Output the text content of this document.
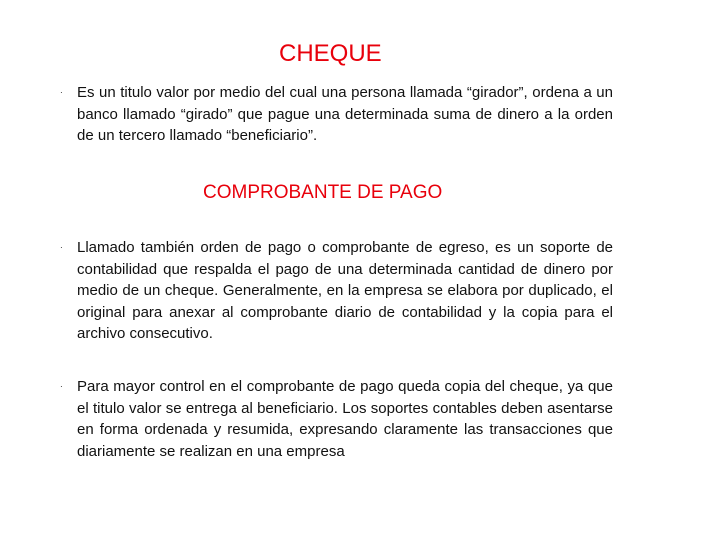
CHEQUE
· Es un titulo valor por medio del cual una persona llamada “girador”, ordena a un banco llamado “girado” que pague una determinada suma de dinero a la orden de un tercero llamado “beneficiario”.
COMPROBANTE DE PAGO
· Llamado también orden de pago o comprobante de egreso, es un soporte de contabilidad que respalda el pago de una determinada cantidad de dinero por medio de un cheque. Generalmente, en la empresa se elabora por duplicado, el original para anexar al comprobante diario de contabilidad y la copia para el archivo consecutivo.
· Para mayor control en el comprobante de pago queda copia del cheque, ya que el titulo valor se entrega al beneficiario. Los soportes contables deben asentarse en forma ordenada y resumida, expresando claramente las transacciones que diariamente se realizan en una empresa
